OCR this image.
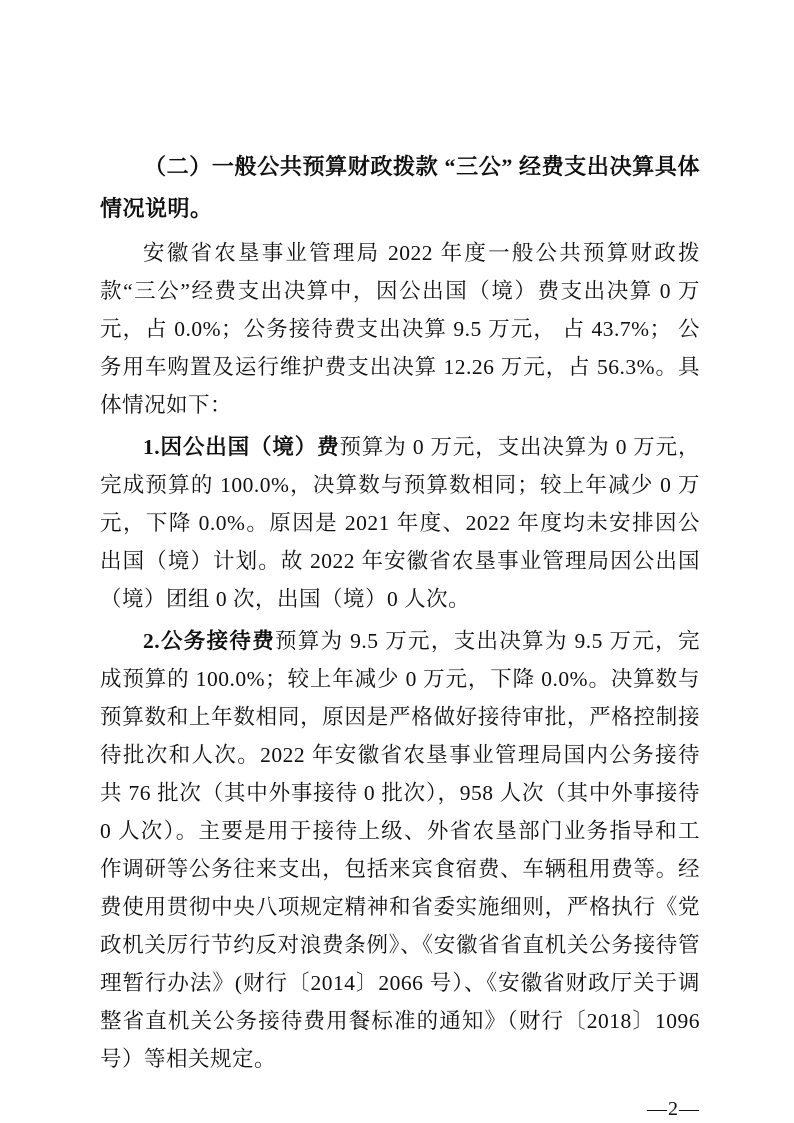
（二）一般公共预算财政拨款 “三公” 经费支出决算具体情况说明。

安徽省农垦事业管理局 2022 年度一般公共预算财政拨款“三公”经费支出决算中，因公出国（境）费支出决算 0 万元，占 0.0%；公务接待费支出决算 9.5 万元， 占 43.7%； 公务用车购置及运行维护费支出决算 12.26 万元，占 56.3%。具体情况如下：

1.因公出国（境）费预算为 0 万元，支出决算为 0 万元，完成预算的 100.0%，决算数与预算数相同；较上年减少 0 万元，下降 0.0%。原因是 2021 年度、2022 年度均未安排因公出国（境）计划。故 2022 年安徽省农垦事业管理局因公出国（境）团组 0 次，出国（境）0 人次。

2.公务接待费预算为 9.5 万元，支出决算为 9.5 万元，完成预算的 100.0%；较上年减少 0 万元，下降 0.0%。决算数与预算数和上年数相同，原因是严格做好接待审批，严格控制接待批次和人次。2022 年安徽省农垦事业管理局国内公务接待共 76 批次（其中外事接待 0 批次），958 人次（其中外事接待 0 人次）。主要是用于接待上级、外省农垦部门业务指导和工作调研等公务往来支出，包括来宾食宿费、车辆租用费等。经费使用贯彻中央八项规定精神和省委实施细则，严格执行《党政机关厉行节约反对浪费条例》、《安徽省省直机关公务接待管理暂行办法》(财行〔2014〕2066 号）、《安徽省财政厅关于调整省直机关公务接待费用餐标准的通知》（财行〔2018〕1096 号）等相关规定。

—2—
